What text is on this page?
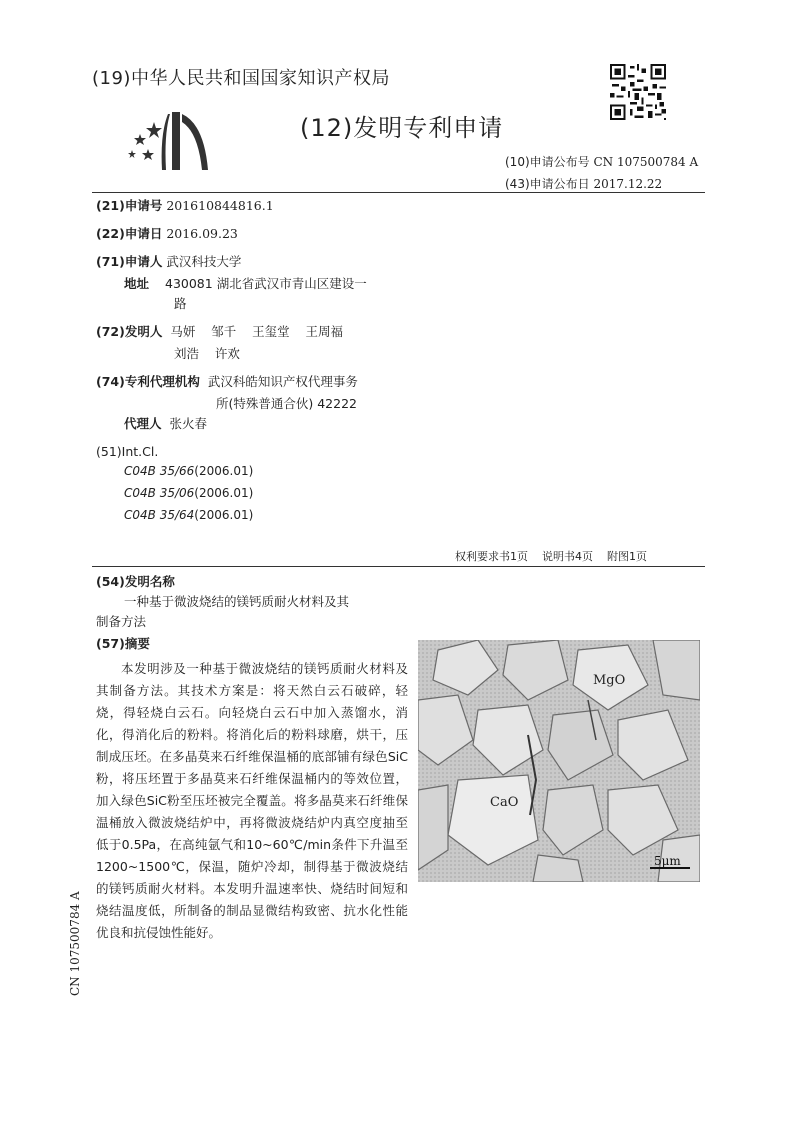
(19)中华人民共和国国家知识产权局
(12)发明专利申请
(10)申请公布号 CN 107500784 A
(43)申请公布日 2017.12.22
(21)申请号 201610844816.1
(22)申请日 2016.09.23
(71)申请人 武汉科技大学
地址 430081 湖北省武汉市青山区建设一
路
(72)发明人 马妍    邹千    王玺堂    王周福
刘浩    许欢
(74)专利代理机构 武汉科皓知识产权代理事务
所(特殊普通合伙) 42222
代理人 张火春
(51)Int.Cl.
C04B 35/66(2006.01)
C04B 35/06(2006.01)
C04B 35/64(2006.01)
权利要求书1页    说明书4页    附图1页
(54)发明名称
一种基于微波烧结的镁钙质耐火材料及其
制备方法
(57)摘要
本发明涉及一种基于微波烧结的镁钙质耐火材料及其制备方法。其技术方案是：将天然白云石破碎，轻烧，得轻烧白云石。向轻烧白云石中加入蒸馏水，消化，得消化后的粉料。将消化后的粉料球磨，烘干，压制成压坯。在多晶莫来石纤维保温桶的底部铺有绿色SiC粉，将压坯置于多晶莫来石纤维保温桶内的等效位置，加入绿色SiC粉至压坯被完全覆盖。将多晶莫来石纤维保温桶放入微波烧结炉中，再将微波烧结炉内真空度抽至低于0.5Pa，在高纯氩气和10~60℃/min条件下升温至1200~1500℃，保温，随炉冷却，制得基于微波烧结的镁钙质耐火材料。本发明升温速率快、烧结时间短和烧结温度低，所制备的制品显微结构致密、抗水化性能优良和抗侵蚀性能好。
MgO
CaO
5μm
CN 107500784 A
